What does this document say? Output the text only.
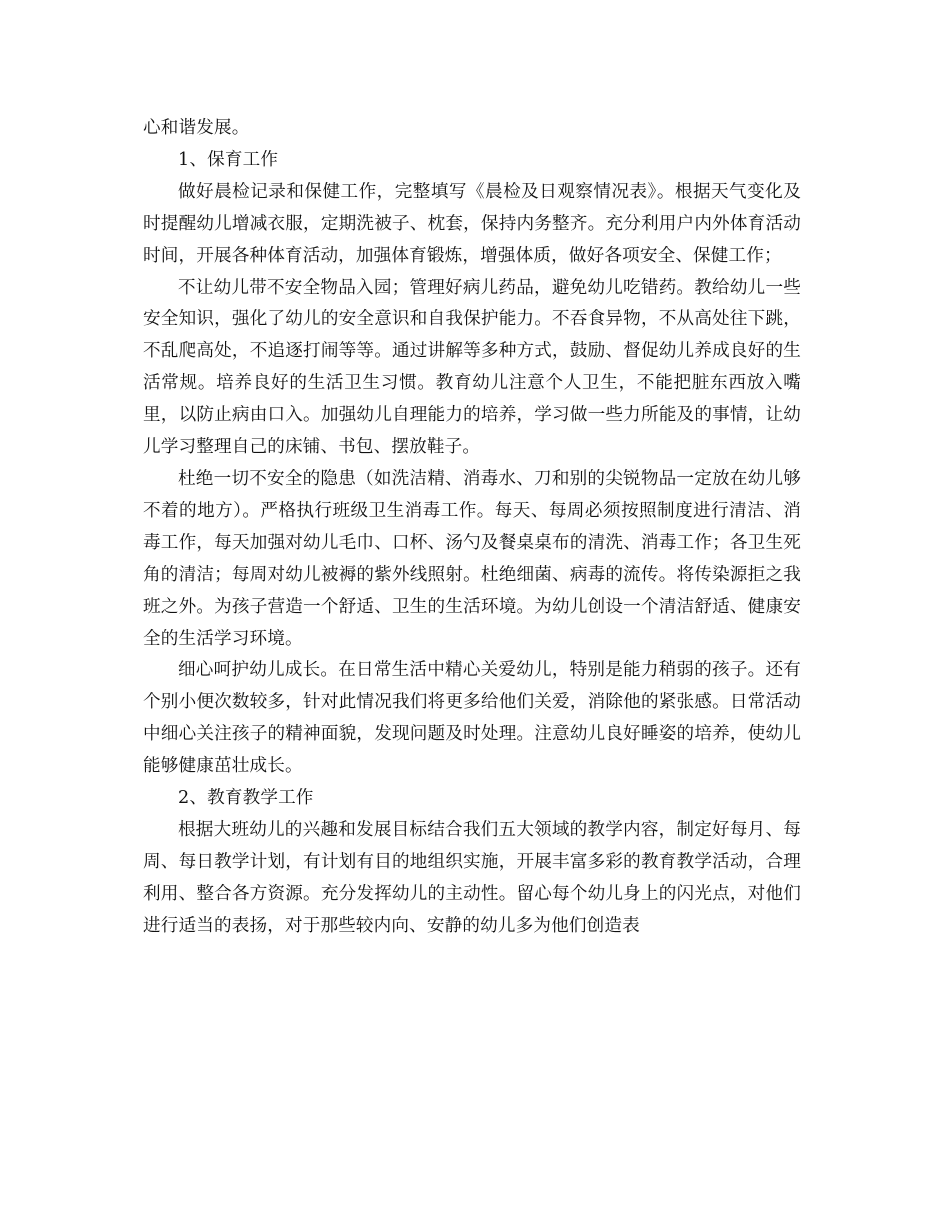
心和谐发展。

1、保育工作

做好晨检记录和保健工作，完整填写《晨检及日观察情况表》。根据天气变化及时提醒幼儿增减衣服，定期洗被子、枕套，保持内务整齐。充分利用户内外体育活动时间，开展各种体育活动，加强体育锻炼，增强体质，做好各项安全、保健工作；

不让幼儿带不安全物品入园；管理好病儿药品，避免幼儿吃错药。教给幼儿一些安全知识，强化了幼儿的安全意识和自我保护能力。不吞食异物，不从高处往下跳，不乱爬高处，不追逐打闹等等。通过讲解等多种方式，鼓励、督促幼儿养成良好的生活常规。培养良好的生活卫生习惯。教育幼儿注意个人卫生，不能把脏东西放入嘴里，以防止病由口入。加强幼儿自理能力的培养，学习做一些力所能及的事情，让幼儿学习整理自己的床铺、书包、摆放鞋子。

杜绝一切不安全的隐患（如洗洁精、消毒水、刀和别的尖锐物品一定放在幼儿够不着的地方）。严格执行班级卫生消毒工作。每天、每周必须按照制度进行清洁、消毒工作，每天加强对幼儿毛巾、口杯、汤勺及餐桌桌布的清洗、消毒工作；各卫生死角的清洁；每周对幼儿被褥的紫外线照射。杜绝细菌、病毒的流传。将传染源拒之我班之外。为孩子营造一个舒适、卫生的生活环境。为幼儿创设一个清洁舒适、健康安全的生活学习环境。

细心呵护幼儿成长。在日常生活中精心关爱幼儿，特别是能力稍弱的孩子。还有个别小便次数较多，针对此情况我们将更多给他们关爱，消除他的紧张感。日常活动中细心关注孩子的精神面貌，发现问题及时处理。注意幼儿良好睡姿的培养，使幼儿能够健康茁壮成长。

2、教育教学工作

根据大班幼儿的兴趣和发展目标结合我们五大领域的教学内容，制定好每月、每周、每日教学计划，有计划有目的地组织实施，开展丰富多彩的教育教学活动，合理利用、整合各方资源。充分发挥幼儿的主动性。留心每个幼儿身上的闪光点，对他们进行适当的表扬，对于那些较内向、安静的幼儿多为他们创造表
